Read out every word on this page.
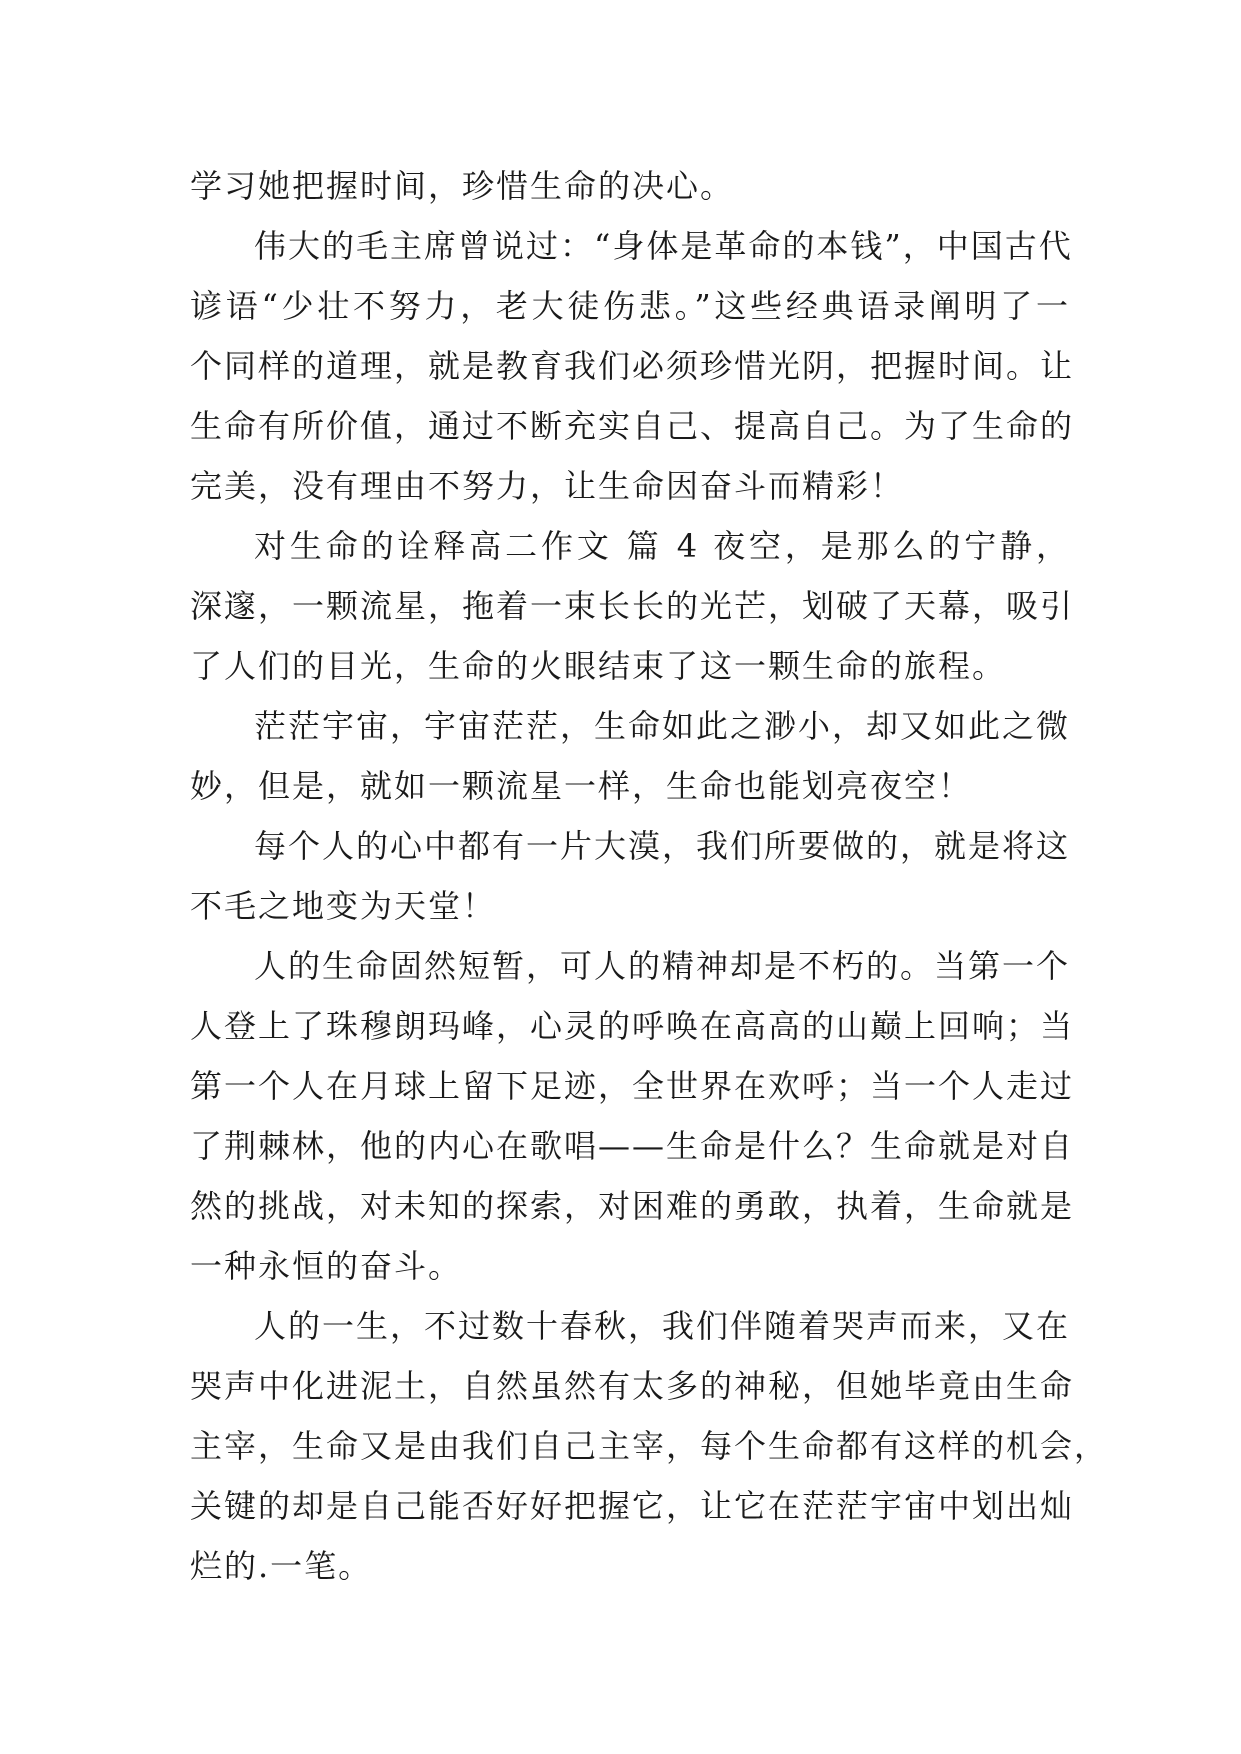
学习她把握时间，珍惜生命的决心。
伟大的毛主席曾说过：“身体是革命的本钱”，中国古代
谚语“少壮不努力，老大徒伤悲。”这些经典语录阐明了一
个同样的道理，就是教育我们必须珍惜光阴，把握时间。让
生命有所价值，通过不断充实自己、提高自己。为了生命的
完美，没有理由不努力，让生命因奋斗而精彩！
对生命的诠释高二作文 篇 4 夜空，是那么的宁静，
深邃，一颗流星，拖着一束长长的光芒，划破了天幕，吸引
了人们的目光，生命的火眼结束了这一颗生命的旅程。
茫茫宇宙，宇宙茫茫，生命如此之渺小，却又如此之微
妙，但是，就如一颗流星一样，生命也能划亮夜空！
每个人的心中都有一片大漠，我们所要做的，就是将这
不毛之地变为天堂！
人的生命固然短暂，可人的精神却是不朽的。当第一个
人登上了珠穆朗玛峰，心灵的呼唤在高高的山巅上回响；当
第一个人在月球上留下足迹，全世界在欢呼；当一个人走过
了荆棘林，他的内心在歌唱——生命是什么？生命就是对自
然的挑战，对未知的探索，对困难的勇敢，执着，生命就是
一种永恒的奋斗。
人的一生，不过数十春秋，我们伴随着哭声而来，又在
哭声中化进泥土，自然虽然有太多的神秘，但她毕竟由生命
主宰，生命又是由我们自己主宰，每个生命都有这样的机会，
关键的却是自己能否好好把握它，让它在茫茫宇宙中划出灿
烂的.一笔。
